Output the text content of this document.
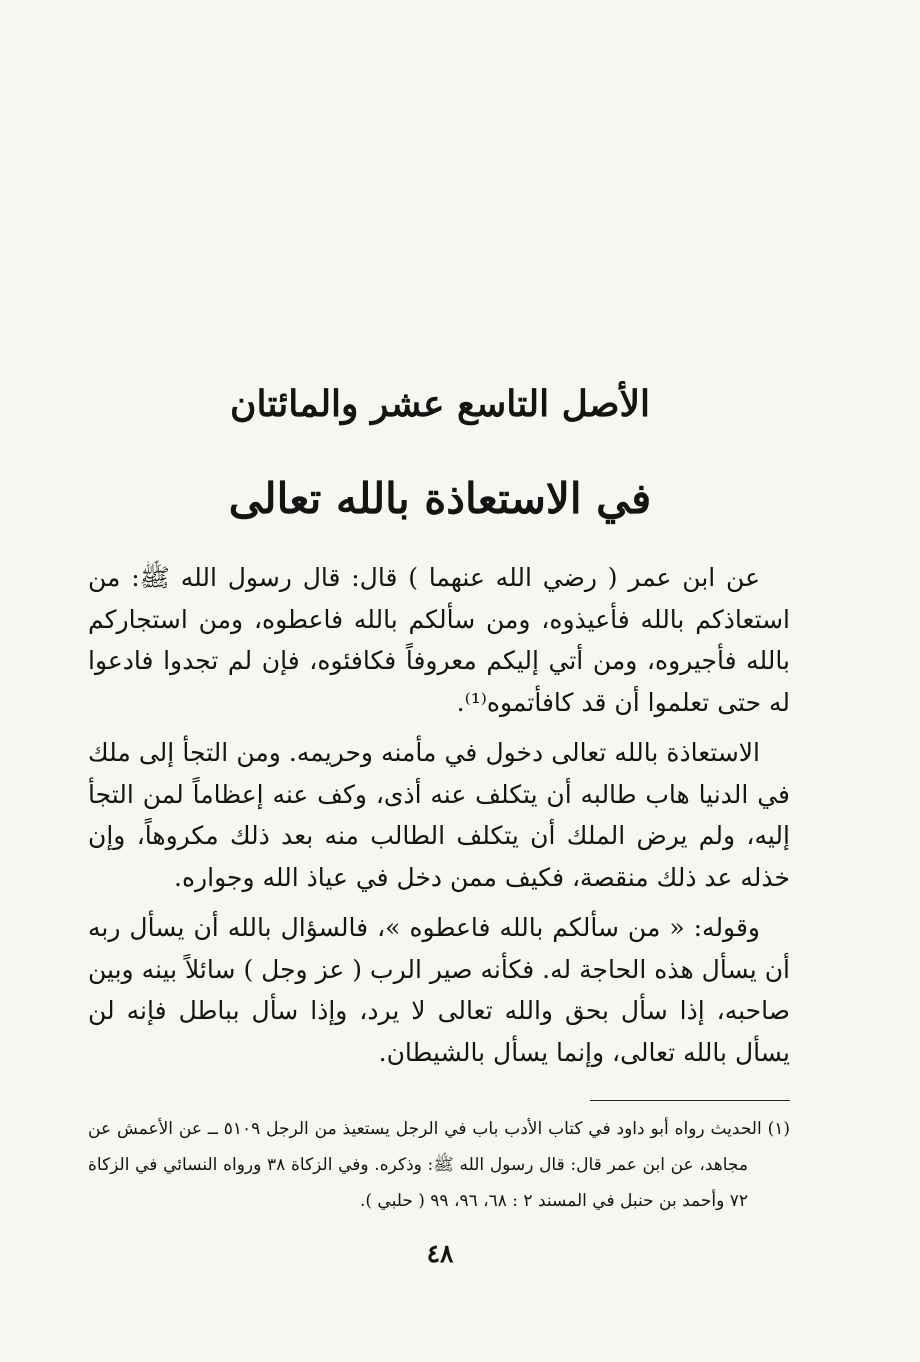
الأصل التاسع عشر والمائتان
في الاستعاذة بالله تعالى

عن ابن عمر ( رضي الله عنهما ) قال: قال رسول الله ﷺ: من استعاذكم بالله فأعيذوه، ومن سألكم بالله فاعطوه، ومن استجاركم بالله فأجيروه، ومن أتي إليكم معروفاً فكافئوه، فإن لم تجدوا فادعوا له حتى تعلموا أن قد كافأتموه⁽¹⁾.

الاستعاذة بالله تعالى دخول في مأمنه وحريمه. ومن التجأ إلى ملك في الدنيا هاب طالبه أن يتكلف عنه أذى، وكف عنه إعظاماً لمن التجأ إليه، ولم يرض الملك أن يتكلف الطالب منه بعد ذلك مكروهاً، وإن خذله عد ذلك منقصة، فكيف ممن دخل في عياذ الله وجواره.

وقوله: « من سألكم بالله فاعطوه »، فالسؤال بالله أن يسأل ربه أن يسأل هذه الحاجة له. فكأنه صير الرب ( عز وجل ) سائلاً بينه وبين صاحبه، إذا سأل بحق والله تعالى لا يرد، وإذا سأل بباطل فإنه لن يسأل بالله تعالى، وإنما يسأل بالشيطان.

(١) الحديث رواه أبو داود في كتاب الأدب باب في الرجل يستعيذ من الرجل ٥١٠٩ ــ عن الأعمش عن مجاهد، عن ابن عمر قال: قال رسول الله ﷺ: وذكره. وفي الزكاة ٣٨ ورواه النسائي في الزكاة ٧٢ وأحمد بن حنبل في المسند ٢ : ٦٨، ٩٦، ٩٩ ( حلبي ).

٤٨
